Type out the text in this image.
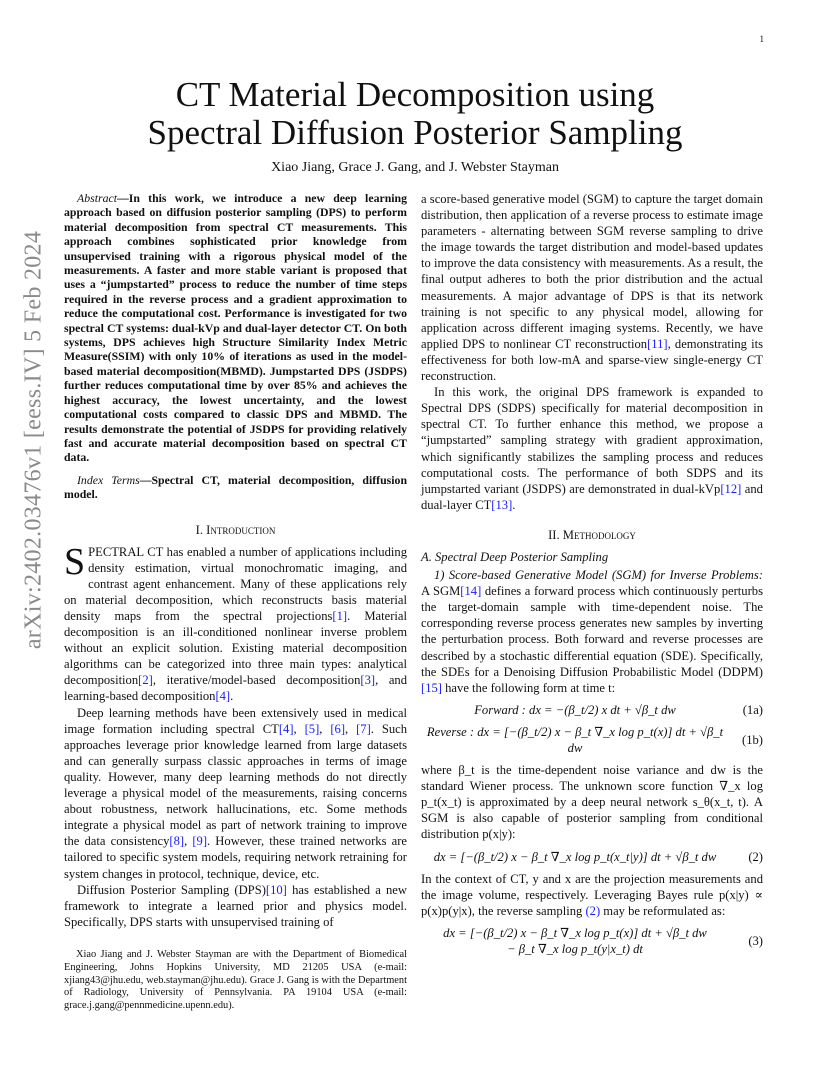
1
arXiv:2402.03476v1 [eess.IV] 5 Feb 2024
CT Material Decomposition using
Spectral Diffusion Posterior Sampling
Xiao Jiang, Grace J. Gang, and J. Webster Stayman

Abstract—In this work, we introduce a new deep learning approach based on diffusion posterior sampling (DPS) to perform material decomposition from spectral CT measurements. This approach combines sophisticated prior knowledge from unsupervised training with a rigorous physical model of the measurements. A faster and more stable variant is proposed that uses a “jumpstarted” process to reduce the number of time steps required in the reverse process and a gradient approximation to reduce the computational cost. Performance is investigated for two spectral CT systems: dual-kVp and dual-layer detector CT. On both systems, DPS achieves high Structure Similarity Index Metric Measure(SSIM) with only 10% of iterations as used in the model-based material decomposition(MBMD). Jumpstarted DPS (JSDPS) further reduces computational time by over 85% and achieves the highest accuracy, the lowest uncertainty, and the lowest computational costs compared to classic DPS and MBMD. The results demonstrate the potential of JSDPS for providing relatively fast and accurate material decomposition based on spectral CT data.

Index Terms—Spectral CT, material decomposition, diffusion model.

I. Introduction

SPECTRAL CT has enabled a number of applications including density estimation, virtual monochromatic imaging, and contrast agent enhancement. Many of these applications rely on material decomposition, which reconstructs basis material density maps from the spectral projections[1]. Material decomposition is an ill-conditioned nonlinear inverse problem without an explicit solution. Existing material decomposition algorithms can be categorized into three main types: analytical decomposition[2], iterative/model-based decomposition[3], and learning-based decomposition[4].

Deep learning methods have been extensively used in medical image formation including spectral CT[4], [5], [6], [7]. Such approaches leverage prior knowledge learned from large datasets and can generally surpass classic approaches in terms of image quality. However, many deep learning methods do not directly leverage a physical model of the measurements, raising concerns about robustness, network hallucinations, etc. Some methods integrate a physical model as part of network training to improve the data consistency[8], [9]. However, these trained networks are tailored to specific system models, requiring network retraining for system changes in protocol, technique, device, etc.

Diffusion Posterior Sampling (DPS)[10] has established a new framework to integrate a learned prior and physics model. Specifically, DPS starts with unsupervised training of

Xiao Jiang and J. Webster Stayman are with the Department of Biomedical Engineering, Johns Hopkins University, MD 21205 USA (e-mail: xjiang43@jhu.edu, web.stayman@jhu.edu). Grace J. Gang is with the Department of Radiology, University of Pennsylvania. PA 19104 USA (e-mail: grace.j.gang@pennmedicine.upenn.edu).

a score-based generative model (SGM) to capture the target domain distribution, then application of a reverse process to estimate image parameters - alternating between SGM reverse sampling to drive the image towards the target distribution and model-based updates to improve the data consistency with measurements. As a result, the final output adheres to both the prior distribution and the actual measurements. A major advantage of DPS is that its network training is not specific to any physical model, allowing for application across different imaging systems. Recently, we have applied DPS to nonlinear CT reconstruction[11], demonstrating its effectiveness for both low-mA and sparse-view single-energy CT reconstruction.

In this work, the original DPS framework is expanded to Spectral DPS (SDPS) specifically for material decomposition in spectral CT. To further enhance this method, we propose a “jumpstarted” sampling strategy with gradient approximation, which significantly stabilizes the sampling process and reduces computational costs. The performance of both SDPS and its jumpstarted variant (JSDPS) are demonstrated in dual-kVp[12] and dual-layer CT[13].

II. Methodology

A. Spectral Deep Posterior Sampling

1) Score-based Generative Model (SGM) for Inverse Problems: A SGM[14] defines a forward process which continuously perturbs the target-domain sample with time-dependent noise. The corresponding reverse process generates new samples by inverting the perturbation process. Both forward and reverse processes are described by a stochastic differential equation (SDE). Specifically, the SDEs for a Denoising Diffusion Probabilistic Model (DDPM)[15] have the following form at time t:

Forward : dx = −(β_t/2) x dt + √β_t dw	(1a)
Reverse : dx = [−(β_t/2) x − β_t ∇_x log p_t(x)] dt + √β_t dw
(1b)

where β_t is the time-dependent noise variance and dw is the standard Wiener process. The unknown score function ∇_x log p_t(x_t) is approximated by a deep neural network s_θ(x_t, t). A SGM is also capable of posterior sampling from conditional distribution p(x|y):

dx = [−(β_t/2) x − β_t ∇_x log p_t(x_t|y)] dt + √β_t dw	(2)

In the context of CT, y and x are the projection measurements and the image volume, respectively. Leveraging Bayes rule p(x|y) ∝ p(x)p(y|x), the reverse sampling (2) may be reformulated as:

dx = [−(β_t/2) x − β_t ∇_x log p_t(x)] dt + √β_t dw
− β_t ∇_x log p_t(y|x_t) dt
(3)
